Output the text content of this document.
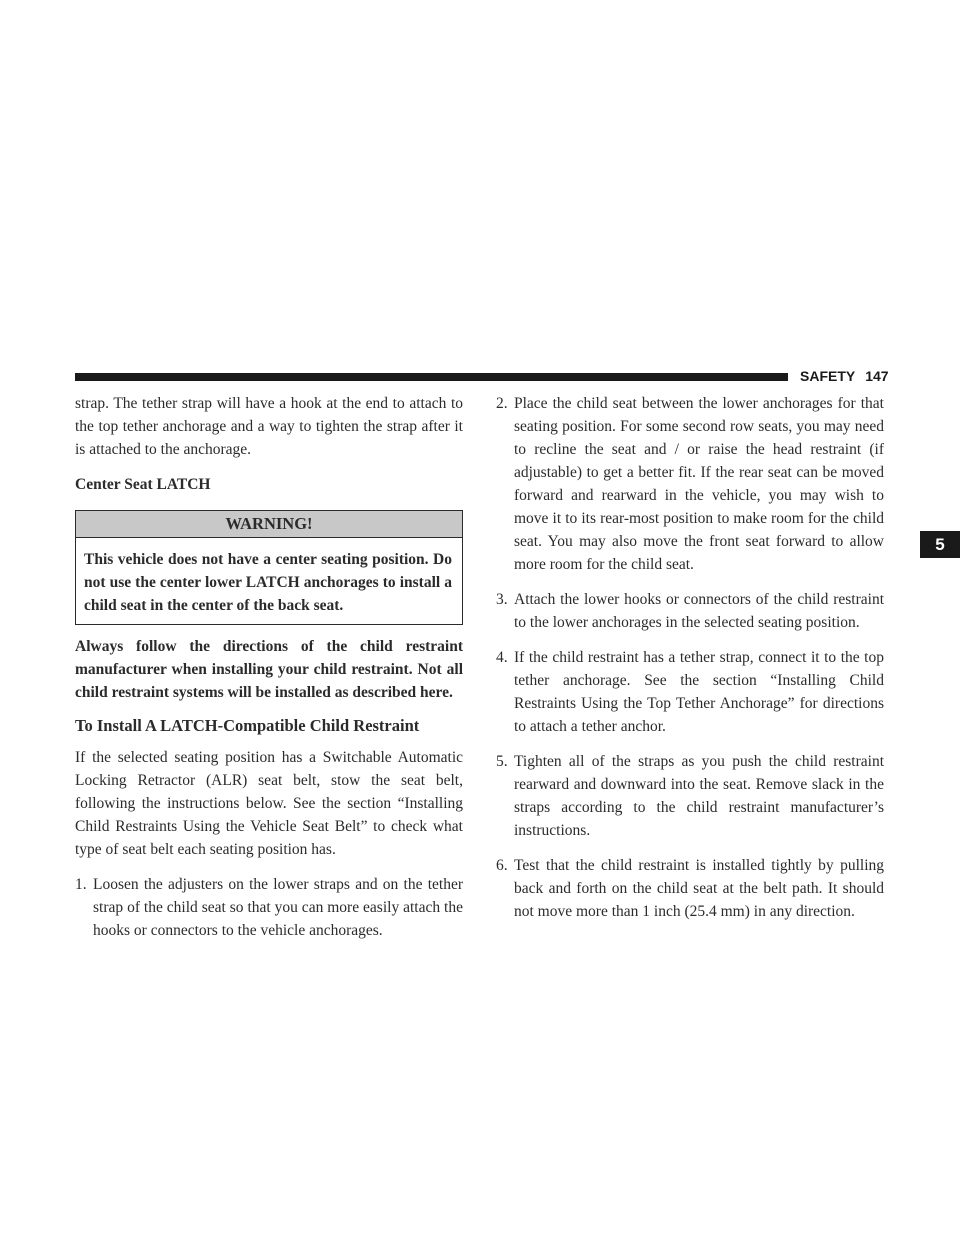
SAFETY 147
5

strap. The tether strap will have a hook at the end to attach to the top tether anchorage and a way to tighten the strap after it is attached to the anchorage.

Center Seat LATCH
WARNING!
This vehicle does not have a center seating position. Do not use the center lower LATCH anchorages to install a child seat in the center of the back seat.

Always follow the directions of the child restraint manufacturer when installing your child restraint. Not all child restraint systems will be installed as described here.

To Install A LATCH-Compatible Child Restraint

If the selected seating position has a Switchable Automatic Locking Retractor (ALR) seat belt, stow the seat belt, following the instructions below. See the section “Installing Child Restraints Using the Vehicle Seat Belt” to check what type of seat belt each seating position has.

1. Loosen the adjusters on the lower straps and on the tether strap of the child seat so that you can more easily attach the hooks or connectors to the vehicle anchorages.
2. Place the child seat between the lower anchorages for that seating position. For some second row seats, you may need to recline the seat and / or raise the head restraint (if adjustable) to get a better fit. If the rear seat can be moved forward and rearward in the vehicle, you may wish to move it to its rear-most position to make room for the child seat. You may also move the front seat forward to allow more room for the child seat.
3. Attach the lower hooks or connectors of the child restraint to the lower anchorages in the selected seating position.
4. If the child restraint has a tether strap, connect it to the top tether anchorage. See the section “Installing Child Restraints Using the Top Tether Anchorage” for directions to attach a tether anchor.
5. Tighten all of the straps as you push the child restraint rearward and downward into the seat. Remove slack in the straps according to the child restraint manufacturer’s instructions.
6. Test that the child restraint is installed tightly by pulling back and forth on the child seat at the belt path. It should not move more than 1 inch (25.4 mm) in any direction.
